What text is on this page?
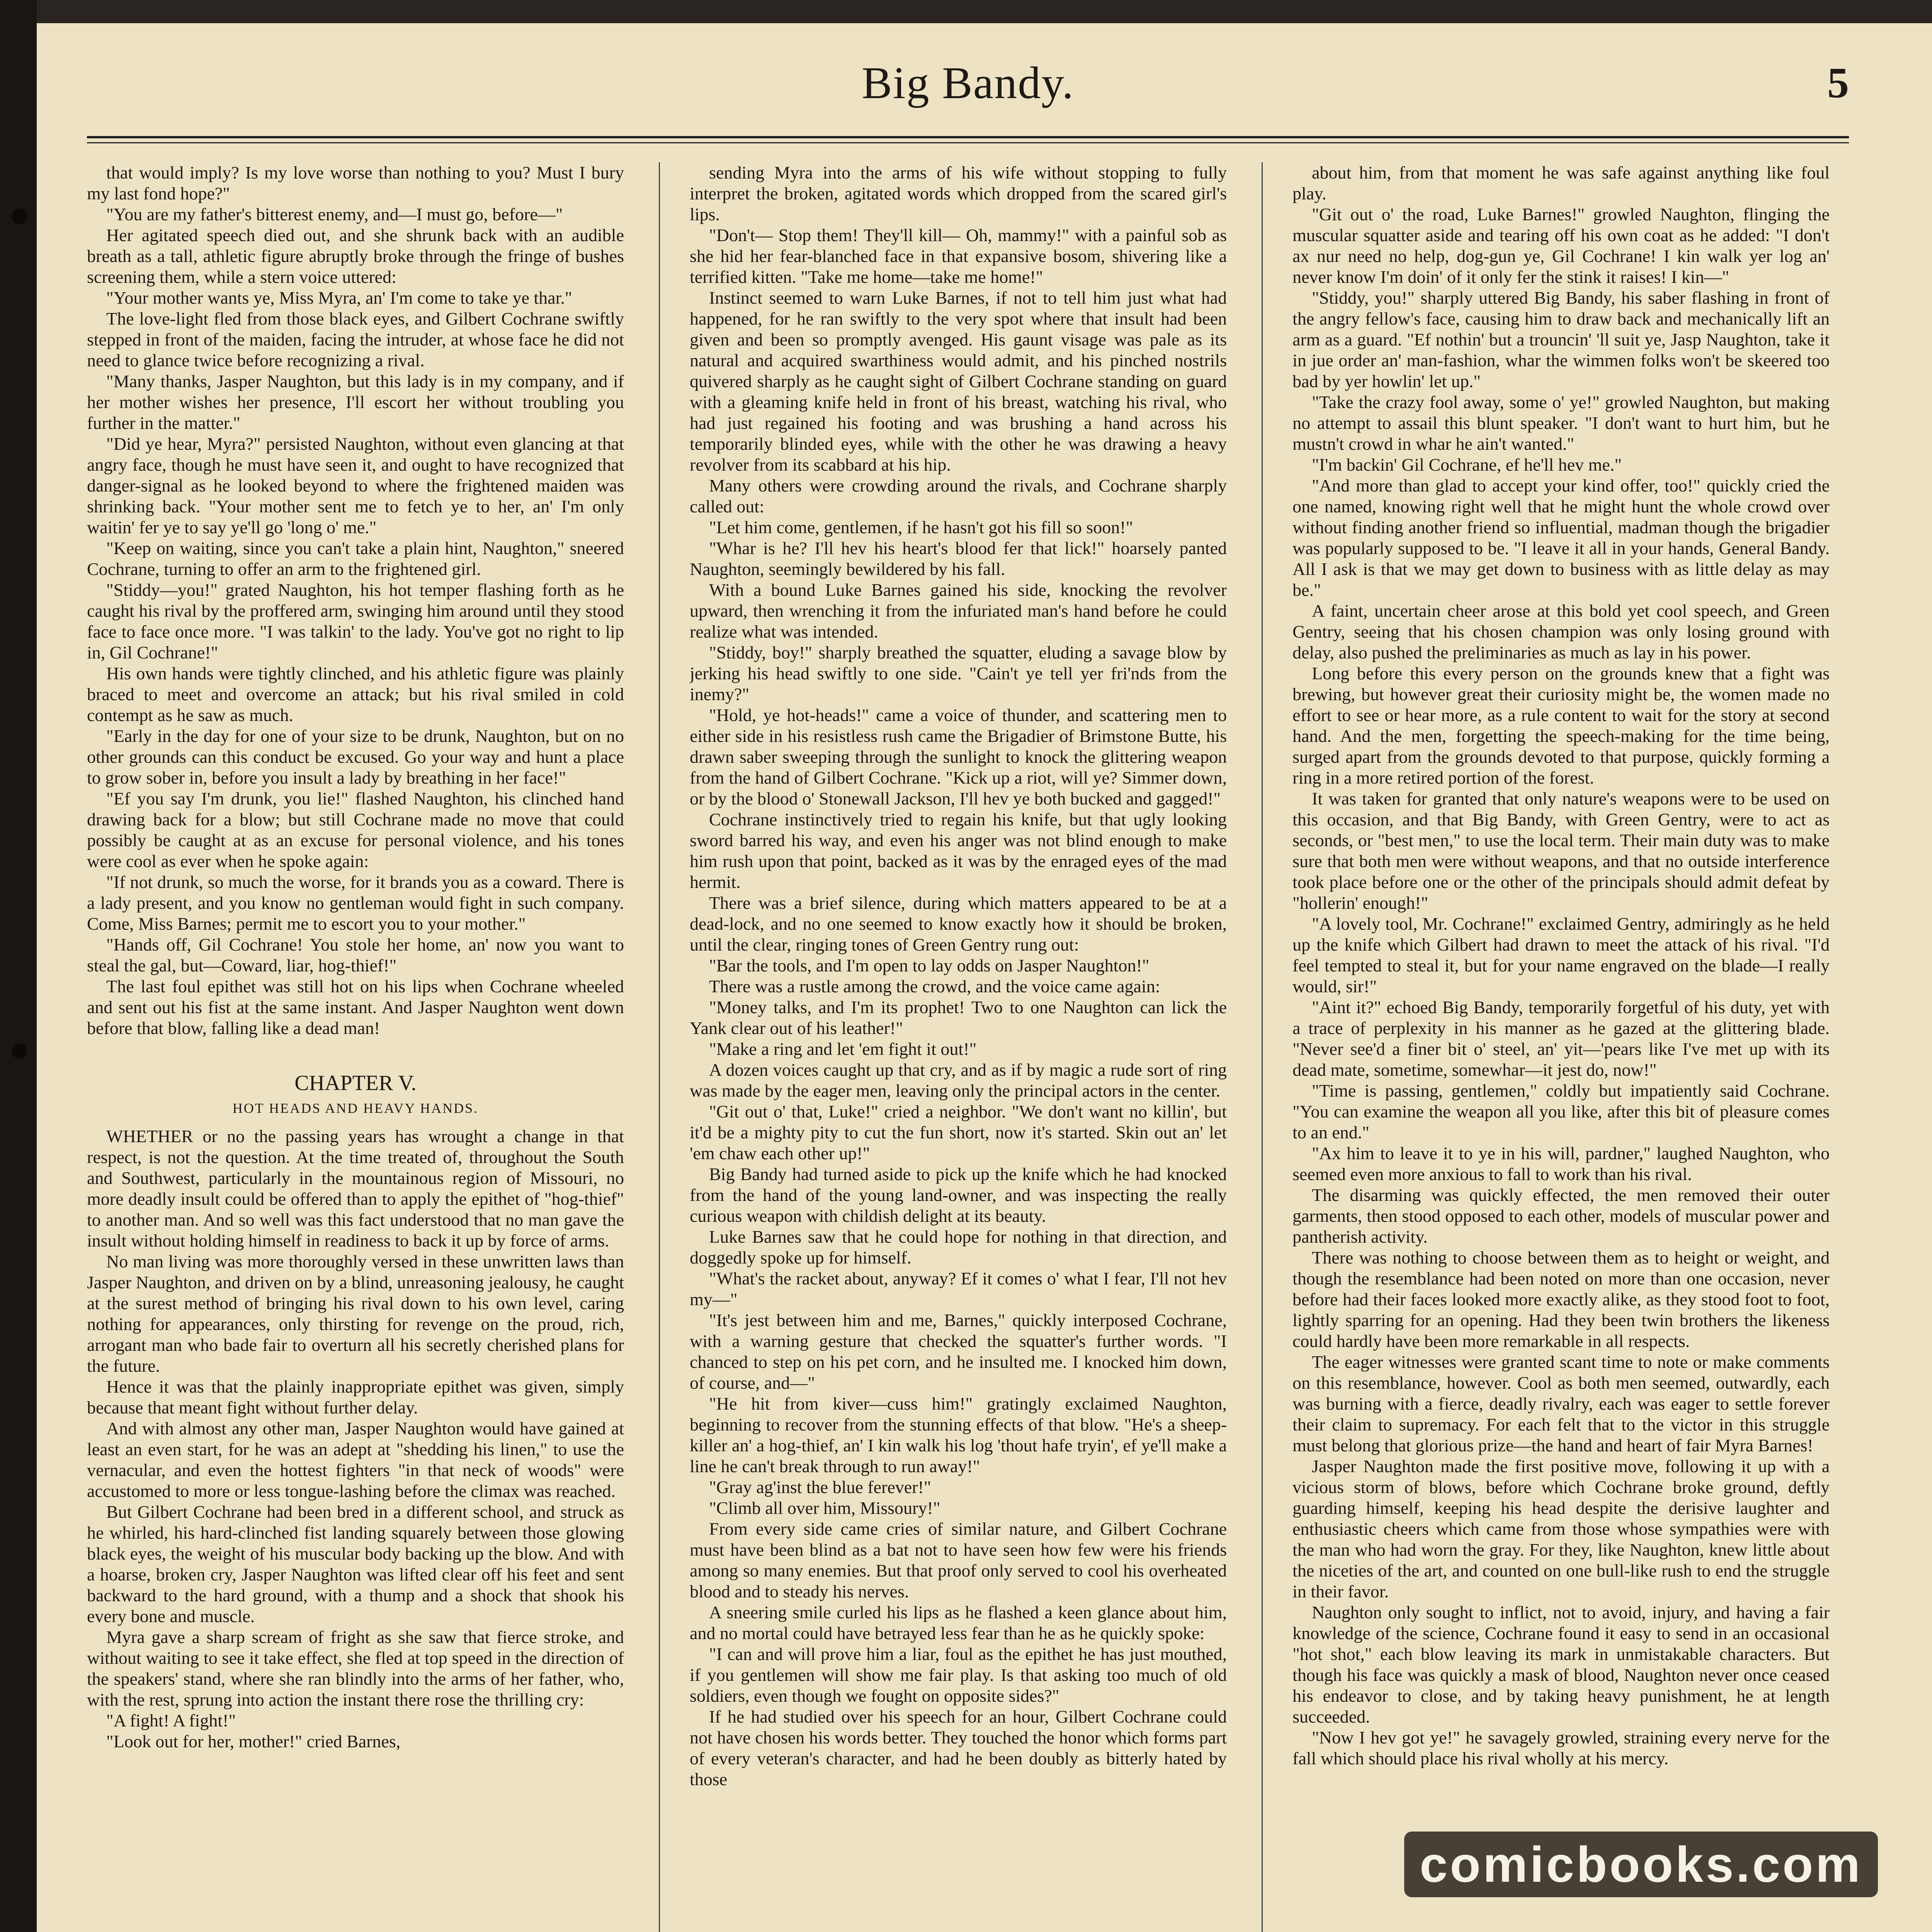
Big Bandy.	5

that would imply? Is my love worse than nothing to you? Must I bury my last fond hope?"

"You are my father's bitterest enemy, and—I must go, before—"

Her agitated speech died out, and she shrunk back with an audible breath as a tall, athletic figure abruptly broke through the fringe of bushes screening them, while a stern voice uttered:

"Your mother wants ye, Miss Myra, an' I'm come to take ye thar."

The love-light fled from those black eyes, and Gilbert Cochrane swiftly stepped in front of the maiden, facing the intruder, at whose face he did not need to glance twice before recognizing a rival.

"Many thanks, Jasper Naughton, but this lady is in my company, and if her mother wishes her presence, I'll escort her without troubling you further in the matter."

"Did ye hear, Myra?" persisted Naughton, without even glancing at that angry face, though he must have seen it, and ought to have recognized that danger-signal as he looked beyond to where the frightened maiden was shrinking back. "Your mother sent me to fetch ye to her, an' I'm only waitin' fer ye to say ye'll go 'long o' me."

"Keep on waiting, since you can't take a plain hint, Naughton," sneered Cochrane, turning to offer an arm to the frightened girl.

"Stiddy—you!" grated Naughton, his hot temper flashing forth as he caught his rival by the proffered arm, swinging him around until they stood face to face once more. "I was talkin' to the lady. You've got no right to lip in, Gil Cochrane!"

His own hands were tightly clinched, and his athletic figure was plainly braced to meet and overcome an attack; but his rival smiled in cold contempt as he saw as much.

"Early in the day for one of your size to be drunk, Naughton, but on no other grounds can this conduct be excused. Go your way and hunt a place to grow sober in, before you insult a lady by breathing in her face!"

"Ef you say I'm drunk, you lie!" flashed Naughton, his clinched hand drawing back for a blow; but still Cochrane made no move that could possibly be caught at as an excuse for personal violence, and his tones were cool as ever when he spoke again:

"If not drunk, so much the worse, for it brands you as a coward. There is a lady present, and you know no gentleman would fight in such company. Come, Miss Barnes; permit me to escort you to your mother."

"Hands off, Gil Cochrane! You stole her home, an' now you want to steal the gal, but—Coward, liar, hog-thief!"

The last foul epithet was still hot on his lips when Cochrane wheeled and sent out his fist at the same instant. And Jasper Naughton went down before that blow, falling like a dead man!

CHAPTER V.

HOT HEADS AND HEAVY HANDS.

WHETHER or no the passing years has wrought a change in that respect, is not the question. At the time treated of, throughout the South and Southwest, particularly in the mountainous region of Missouri, no more deadly insult could be offered than to apply the epithet of "hog-thief" to another man. And so well was this fact understood that no man gave the insult without holding himself in readiness to back it up by force of arms.

No man living was more thoroughly versed in these unwritten laws than Jasper Naughton, and driven on by a blind, unreasoning jealousy, he caught at the surest method of bringing his rival down to his own level, caring nothing for appearances, only thirsting for revenge on the proud, rich, arrogant man who bade fair to overturn all his secretly cherished plans for the future.

Hence it was that the plainly inappropriate epithet was given, simply because that meant fight without further delay.

And with almost any other man, Jasper Naughton would have gained at least an even start, for he was an adept at "shedding his linen," to use the vernacular, and even the hottest fighters "in that neck of woods" were accustomed to more or less tongue-lashing before the climax was reached.

But Gilbert Cochrane had been bred in a different school, and struck as he whirled, his hard-clinched fist landing squarely between those glowing black eyes, the weight of his muscular body backing up the blow. And with a hoarse, broken cry, Jasper Naughton was lifted clear off his feet and sent backward to the hard ground, with a thump and a shock that shook his every bone and muscle.

Myra gave a sharp scream of fright as she saw that fierce stroke, and without waiting to see it take effect, she fled at top speed in the direction of the speakers' stand, where she ran blindly into the arms of her father, who, with the rest, sprung into action the instant there rose the thrilling cry:

"A fight! A fight!"

"Look out for her, mother!" cried Barnes,

sending Myra into the arms of his wife without stopping to fully interpret the broken, agitated words which dropped from the scared girl's lips.

"Don't— Stop them! They'll kill— Oh, mammy!" with a painful sob as she hid her fear-blanched face in that expansive bosom, shivering like a terrified kitten. "Take me home—take me home!"

Instinct seemed to warn Luke Barnes, if not to tell him just what had happened, for he ran swiftly to the very spot where that insult had been given and been so promptly avenged. His gaunt visage was pale as its natural and acquired swarthiness would admit, and his pinched nostrils quivered sharply as he caught sight of Gilbert Cochrane standing on guard with a gleaming knife held in front of his breast, watching his rival, who had just regained his footing and was brushing a hand across his temporarily blinded eyes, while with the other he was drawing a heavy revolver from its scabbard at his hip.

Many others were crowding around the rivals, and Cochrane sharply called out:

"Let him come, gentlemen, if he hasn't got his fill so soon!"

"Whar is he? I'll hev his heart's blood fer that lick!" hoarsely panted Naughton, seemingly bewildered by his fall.

With a bound Luke Barnes gained his side, knocking the revolver upward, then wrenching it from the infuriated man's hand before he could realize what was intended.

"Stiddy, boy!" sharply breathed the squatter, eluding a savage blow by jerking his head swiftly to one side. "Cain't ye tell yer fri'nds from the inemy?"

"Hold, ye hot-heads!" came a voice of thunder, and scattering men to either side in his resistless rush came the Brigadier of Brimstone Butte, his drawn saber sweeping through the sunlight to knock the glittering weapon from the hand of Gilbert Cochrane. "Kick up a riot, will ye? Simmer down, or by the blood o' Stonewall Jackson, I'll hev ye both bucked and gagged!"

Cochrane instinctively tried to regain his knife, but that ugly looking sword barred his way, and even his anger was not blind enough to make him rush upon that point, backed as it was by the enraged eyes of the mad hermit.

There was a brief silence, during which matters appeared to be at a dead-lock, and no one seemed to know exactly how it should be broken, until the clear, ringing tones of Green Gentry rung out:

"Bar the tools, and I'm open to lay odds on Jasper Naughton!"

There was a rustle among the crowd, and the voice came again:

"Money talks, and I'm its prophet! Two to one Naughton can lick the Yank clear out of his leather!"

"Make a ring and let 'em fight it out!"

A dozen voices caught up that cry, and as if by magic a rude sort of ring was made by the eager men, leaving only the principal actors in the center.

"Git out o' that, Luke!" cried a neighbor. "We don't want no killin', but it'd be a mighty pity to cut the fun short, now it's started. Skin out an' let 'em chaw each other up!"

Big Bandy had turned aside to pick up the knife which he had knocked from the hand of the young land-owner, and was inspecting the really curious weapon with childish delight at its beauty.

Luke Barnes saw that he could hope for nothing in that direction, and doggedly spoke up for himself.

"What's the racket about, anyway? Ef it comes o' what I fear, I'll not hev my—"

"It's jest between him and me, Barnes," quickly interposed Cochrane, with a warning gesture that checked the squatter's further words. "I chanced to step on his pet corn, and he insulted me. I knocked him down, of course, and—"

"He hit from kiver—cuss him!" gratingly exclaimed Naughton, beginning to recover from the stunning effects of that blow. "He's a sheep-killer an' a hog-thief, an' I kin walk his log 'thout hafe tryin', ef ye'll make a line he can't break through to run away!"

"Gray ag'inst the blue ferever!"

"Climb all over him, Missoury!"

From every side came cries of similar nature, and Gilbert Cochrane must have been blind as a bat not to have seen how few were his friends among so many enemies. But that proof only served to cool his overheated blood and to steady his nerves.

A sneering smile curled his lips as he flashed a keen glance about him, and no mortal could have betrayed less fear than he as he quickly spoke:

"I can and will prove him a liar, foul as the epithet he has just mouthed, if you gentlemen will show me fair play. Is that asking too much of old soldiers, even though we fought on opposite sides?"

If he had studied over his speech for an hour, Gilbert Cochrane could not have chosen his words better. They touched the honor which forms part of every veteran's character, and had he been doubly as bitterly hated by those

about him, from that moment he was safe against anything like foul play.

"Git out o' the road, Luke Barnes!" growled Naughton, flinging the muscular squatter aside and tearing off his own coat as he added: "I don't ax nur need no help, dog-gun ye, Gil Cochrane! I kin walk yer log an' never know I'm doin' of it only fer the stink it raises! I kin—"

"Stiddy, you!" sharply uttered Big Bandy, his saber flashing in front of the angry fellow's face, causing him to draw back and mechanically lift an arm as a guard. "Ef nothin' but a trouncin' 'll suit ye, Jasp Naughton, take it in jue order an' man-fashion, whar the wimmen folks won't be skeered too bad by yer howlin' let up."

"Take the crazy fool away, some o' ye!" growled Naughton, but making no attempt to assail this blunt speaker. "I don't want to hurt him, but he mustn't crowd in whar he ain't wanted."

"I'm backin' Gil Cochrane, ef he'll hev me."

"And more than glad to accept your kind offer, too!" quickly cried the one named, knowing right well that he might hunt the whole crowd over without finding another friend so influential, madman though the brigadier was popularly supposed to be. "I leave it all in your hands, General Bandy. All I ask is that we may get down to business with as little delay as may be."

A faint, uncertain cheer arose at this bold yet cool speech, and Green Gentry, seeing that his chosen champion was only losing ground with delay, also pushed the preliminaries as much as lay in his power.

Long before this every person on the grounds knew that a fight was brewing, but however great their curiosity might be, the women made no effort to see or hear more, as a rule content to wait for the story at second hand. And the men, forgetting the speech-making for the time being, surged apart from the grounds devoted to that purpose, quickly forming a ring in a more retired portion of the forest.

It was taken for granted that only nature's weapons were to be used on this occasion, and that Big Bandy, with Green Gentry, were to act as seconds, or "best men," to use the local term. Their main duty was to make sure that both men were without weapons, and that no outside interference took place before one or the other of the principals should admit defeat by "hollerin' enough!"

"A lovely tool, Mr. Cochrane!" exclaimed Gentry, admiringly as he held up the knife which Gilbert had drawn to meet the attack of his rival. "I'd feel tempted to steal it, but for your name engraved on the blade—I really would, sir!"

"Aint it?" echoed Big Bandy, temporarily forgetful of his duty, yet with a trace of perplexity in his manner as he gazed at the glittering blade. "Never see'd a finer bit o' steel, an' yit—'pears like I've met up with its dead mate, sometime, somewhar—it jest do, now!"

"Time is passing, gentlemen," coldly but impatiently said Cochrane. "You can examine the weapon all you like, after this bit of pleasure comes to an end."

"Ax him to leave it to ye in his will, pardner," laughed Naughton, who seemed even more anxious to fall to work than his rival.

The disarming was quickly effected, the men removed their outer garments, then stood opposed to each other, models of muscular power and pantherish activity.

There was nothing to choose between them as to height or weight, and though the resemblance had been noted on more than one occasion, never before had their faces looked more exactly alike, as they stood foot to foot, lightly sparring for an opening. Had they been twin brothers the likeness could hardly have been more remarkable in all respects.

The eager witnesses were granted scant time to note or make comments on this resemblance, however. Cool as both men seemed, outwardly, each was burning with a fierce, deadly rivalry, each was eager to settle forever their claim to supremacy. For each felt that to the victor in this struggle must belong that glorious prize—the hand and heart of fair Myra Barnes!

Jasper Naughton made the first positive move, following it up with a vicious storm of blows, before which Cochrane broke ground, deftly guarding himself, keeping his head despite the derisive laughter and enthusiastic cheers which came from those whose sympathies were with the man who had worn the gray. For they, like Naughton, knew little about the niceties of the art, and counted on one bull-like rush to end the struggle in their favor.

Naughton only sought to inflict, not to avoid, injury, and having a fair knowledge of the science, Cochrane found it easy to send in an occasional "hot shot," each blow leaving its mark in unmistakable characters. But though his face was quickly a mask of blood, Naughton never once ceased his endeavor to close, and by taking heavy punishment, he at length succeeded.

"Now I hev got ye!" he savagely growled, straining every nerve for the fall which should place his rival wholly at his mercy.

comicbooks.com
